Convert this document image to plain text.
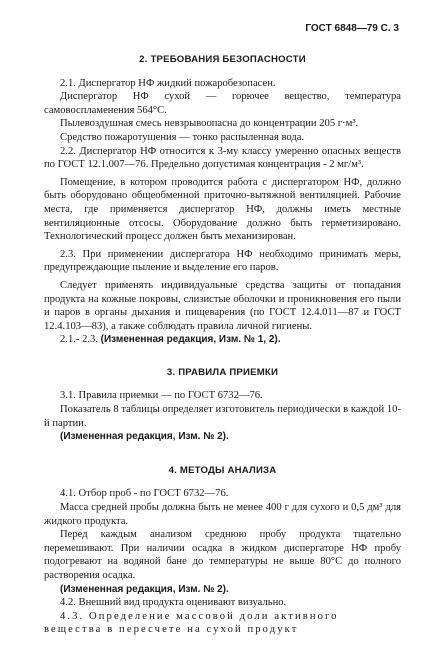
ГОСТ 6848—79 С. 3
2. ТРЕБОВАНИЯ БЕЗОПАСНОСТИ

2.1. Диспергатор НФ жидкий пожаробезопасен.

Диспергатор НФ сухой — горючее вещество, температура самовоспламенения 564°С.

Пылевоздушная смесь невзрывоопасна до концентрации 205 г·м³.

Средство пожаротушения — тонко распыленная вода.

2.2. Диспергатор НФ относится к 3-му классу умеренно опасных веществ по ГОСТ 12.1.007—76. Предельно допустимая концентрация - 2 мг/м³.

Помещение, в котором проводится работа с диспергатором НФ, должно быть оборудовано общеобменной приточно-вытяжной вентиляцией. Рабочие места, где применяется диспергатор НФ, должны иметь местные вентиляционные отсосы. Оборудование должно быть герметизировано. Технологический процесс должен быть механизирован.

2.3. При применении диспергатора НФ необходимо принимать меры, предупреждающие пыление и выделение его паров.

Следует применять индивидуальные средства защиты от попадания продукта на кожные покровы, слизистые оболочки и проникновения его пыли и паров в органы дыхания и пищеварения (по ГОСТ 12.4.011—87 и ГОСТ 12.4.103—83), а также соблюдать правила личной гигиены.

2.1.- 2.3. (Измененная редакция, Изм. № 1, 2).

3. ПРАВИЛА ПРИЕМКИ

3.1. Правила приемки — по ГОСТ 6732—76.

Показатель 8 таблицы определяет изготовитель периодически в каждой 10-й партии.

(Измененная редакция, Изм. № 2).

4. МЕТОДЫ АНАЛИЗА

4.1. Отбор проб - по ГОСТ 6732—76.

Масса средней пробы должна быть не менее 400 г для сухого и 0,5 дм³ для жидкого продукта.

Перед каждым анализом среднюю пробу продукта тщательно перемешивают. При наличии осадка в жидком диспергаторе НФ пробу подогревают на водяной бане до температуры не выше 80°С до полного растворения осадка.

(Измененная редакция, Изм. № 2).

4.2. Внешний вид продукта оценивают визуально.

4.3. Определение массовой доли активного вещества в пересчете на сухой продукт
